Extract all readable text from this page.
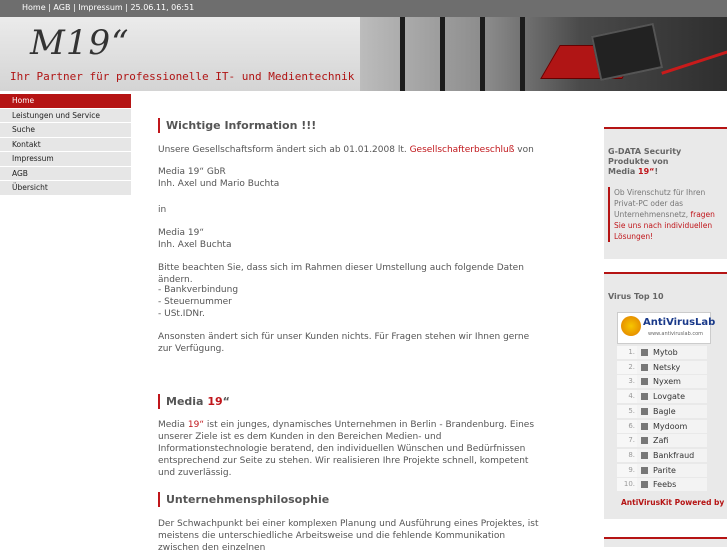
Home | AGB | Impressum | 25.06.11, 06:51
M19“
Ihr Partner für professionelle IT- und Medientechnik
Home
Leistungen und Service
Suche
Kontakt
Impressum
AGB
Übersicht
Wichtige Information !!!
Unsere Gesellschaftsform ändert sich ab 01.01.2008 lt. Gesellschafterbeschluß von
Media 19“ GbR
Inh. Axel und Mario Buchta
in
Media 19“
Inh. Axel Buchta
Bitte beachten Sie, dass sich im Rahmen dieser Umstellung auch folgende Daten ändern.
- Bankverbindung
- Steuernummer
- USt.IDNr.
Ansonsten ändert sich für unser Kunden nichts. Für Fragen stehen wir Ihnen gerne zur Verfügung.
Media 19“
Media 19“ ist ein junges, dynamisches Unternehmen in Berlin - Brandenburg. Eines unserer Ziele ist es dem Kunden in den Bereichen Medien- und Informationstechnologie beratend, den individuellen Wünschen und Bedürfnissen entsprechend zur Seite zu stehen. Wir realisieren Ihre Projekte schnell, kompetent und zuverlässig.
Unternehmensphilosophie
Der Schwachpunkt bei einer komplexen Planung und Ausführung eines Projektes, ist meistens die unterschiedliche Arbeitsweise und die fehlende Kommunikation zwischen den einzelnen
G-DATA Security Produkte von
Media 19“!
Ob Virenschutz für Ihren Privat-PC oder das Unternehmensnetz, fragen Sie uns nach individuellen Lösungen!
Virus Top 10
AntiVirusLab
www.antiviruslab.com
1.	Mytob
2.	Netsky
3.	Nyxem
4.	Lovgate
5.	Bagle
6.	Mydoom
7.	Zafi
8.	Bankfraud
9.	Parite
10.	Feebs
AntiVirusKit Powered by
